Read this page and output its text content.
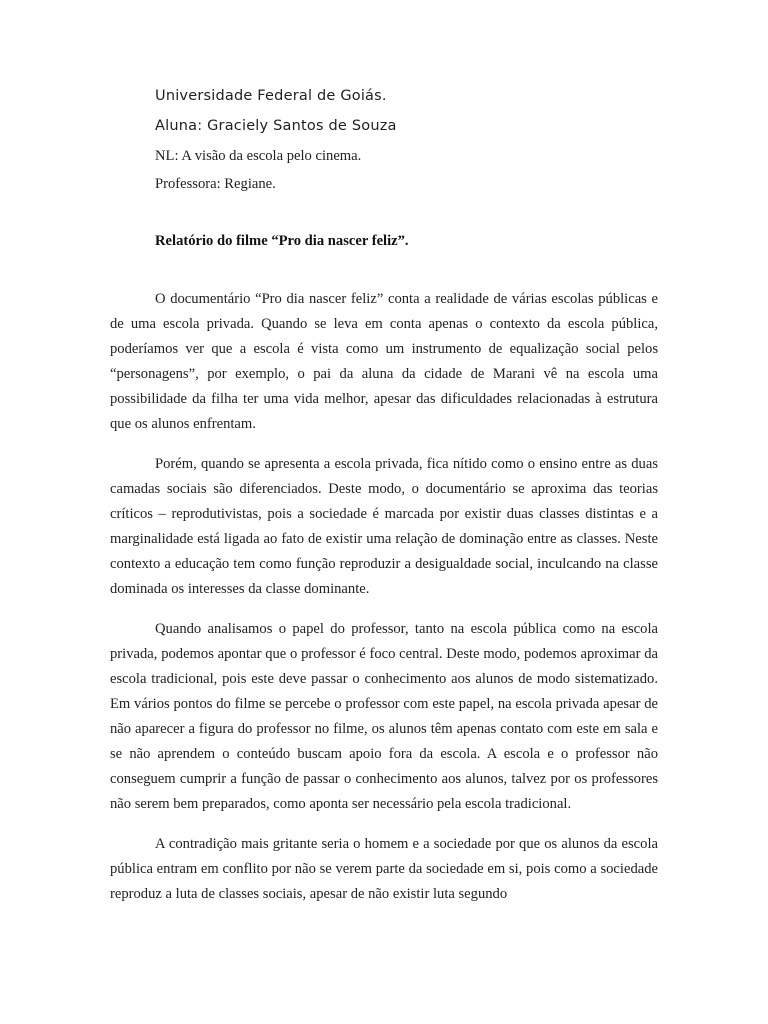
Universidade Federal de Goiás.

Aluna: Graciely Santos de Souza

NL: A visão da escola pelo cinema.

Professora: Regiane.

Relatório do filme “Pro dia nascer feliz”.

O documentário “Pro dia nascer feliz” conta a realidade de várias escolas públicas e de uma escola privada. Quando se leva em conta apenas o contexto da escola pública, poderíamos ver que a escola é vista como um instrumento de equalização social pelos “personagens”, por exemplo, o pai da aluna da cidade de Marani vê na escola uma possibilidade da filha ter uma vida melhor, apesar das dificuldades relacionadas à estrutura que os alunos enfrentam.

Porém, quando se apresenta a escola privada, fica nítido como o ensino entre as duas camadas sociais são diferenciados. Deste modo, o documentário se aproxima das teorias críticos – reprodutivistas, pois a sociedade é marcada por existir duas classes distintas e a marginalidade está ligada ao fato de existir uma relação de dominação entre as classes. Neste contexto a educação tem como função reproduzir a desigualdade social, inculcando na classe dominada os interesses da classe dominante.

Quando analisamos o papel do professor, tanto na escola pública como na escola privada, podemos apontar que o professor é foco central. Deste modo, podemos aproximar da escola tradicional, pois este deve passar o conhecimento aos alunos de modo sistematizado. Em vários pontos do filme se percebe o professor com este papel, na escola privada apesar de não aparecer a figura do professor no filme, os alunos têm apenas contato com este em sala e se não aprendem o conteúdo buscam apoio fora da escola. A escola e o professor não conseguem cumprir a função de passar o conhecimento aos alunos, talvez por os professores não serem bem preparados, como aponta ser necessário pela escola tradicional.

A contradição mais gritante seria o homem e a sociedade por que os alunos da escola pública entram em conflito por não se verem parte da sociedade em si, pois como a sociedade reproduz a luta de classes sociais, apesar de não existir luta segundo
